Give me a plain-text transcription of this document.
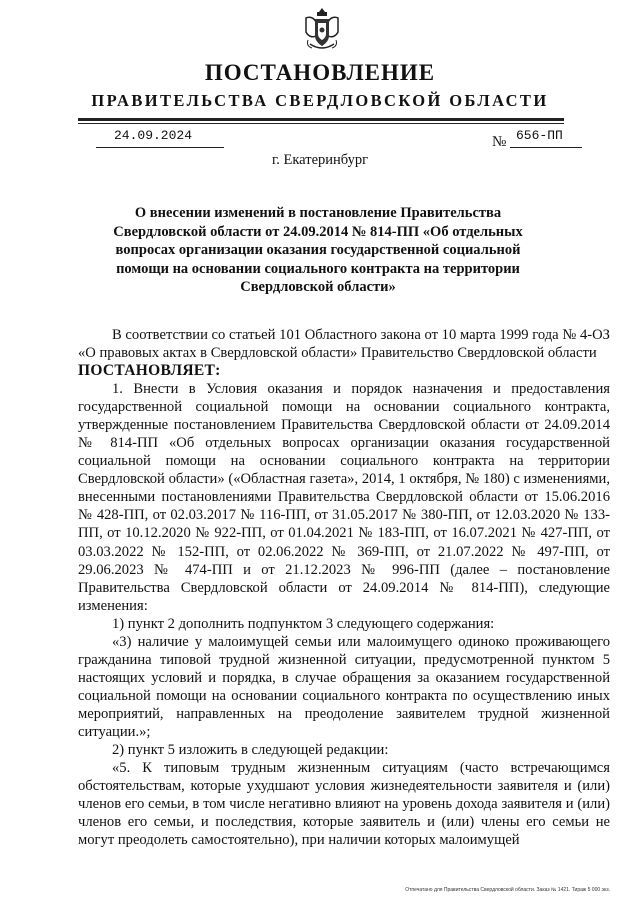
ПОСТАНОВЛЕНИЕ
ПРАВИТЕЛЬСТВА СВЕРДЛОВСКОЙ ОБЛАСТИ
24.09.2024	№ 656-ПП
г. Екатеринбург
О внесении изменений в постановление Правительства Свердловской области от 24.09.2014 № 814-ПП «Об отдельных вопросах организации оказания государственной социальной помощи на основании социального контракта на территории Свердловской области»

В соответствии со статьей 101 Областного закона от 10 марта 1999 года № 4-ОЗ «О правовых актах в Свердловской области» Правительство Свердловской области

ПОСТАНОВЛЯЕТ:

1. Внести в Условия оказания и порядок назначения и предоставления государственной социальной помощи на основании социального контракта, утвержденные постановлением Правительства Свердловской области от 24.09.2014 № 814-ПП «Об отдельных вопросах организации оказания государственной социальной помощи на основании социального контракта на территории Свердловской области» («Областная газета», 2014, 1 октября, № 180) с изменениями, внесенными постановлениями Правительства Свердловской области от 15.06.2016 № 428-ПП, от 02.03.2017 № 116-ПП, от 31.05.2017 № 380-ПП, от 12.03.2020 № 133-ПП, от 10.12.2020 № 922-ПП, от 01.04.2021 № 183-ПП, от 16.07.2021 № 427-ПП, от 03.03.2022 № 152-ПП, от 02.06.2022 № 369-ПП, от 21.07.2022 № 497-ПП, от 29.06.2023 № 474-ПП и от 21.12.2023 № 996-ПП (далее – постановление Правительства Свердловской области от 24.09.2014 № 814-ПП), следующие изменения:

1) пункт 2 дополнить подпунктом 3 следующего содержания:

«3) наличие у малоимущей семьи или малоимущего одиноко проживающего гражданина типовой трудной жизненной ситуации, предусмотренной пунктом 5 настоящих условий и порядка, в случае обращения за оказанием государственной социальной помощи на основании социального контракта по осуществлению иных мероприятий, направленных на преодоление заявителем трудной жизненной ситуации.»;

2) пункт 5 изложить в следующей редакции:

«5. К типовым трудным жизненным ситуациям (часто встречающимся обстоятельствам, которые ухудшают условия жизнедеятельности заявителя и (или) членов его семьи, в том числе негативно влияют на уровень дохода заявителя и (или) членов его семьи, и последствия, которые заявитель и (или) члены его семьи не могут преодолеть самостоятельно), при наличии которых малоимущей

Отпечатано для Правительства Свердловской области. Заказ № 1421. Тираж 5 000 экз.
